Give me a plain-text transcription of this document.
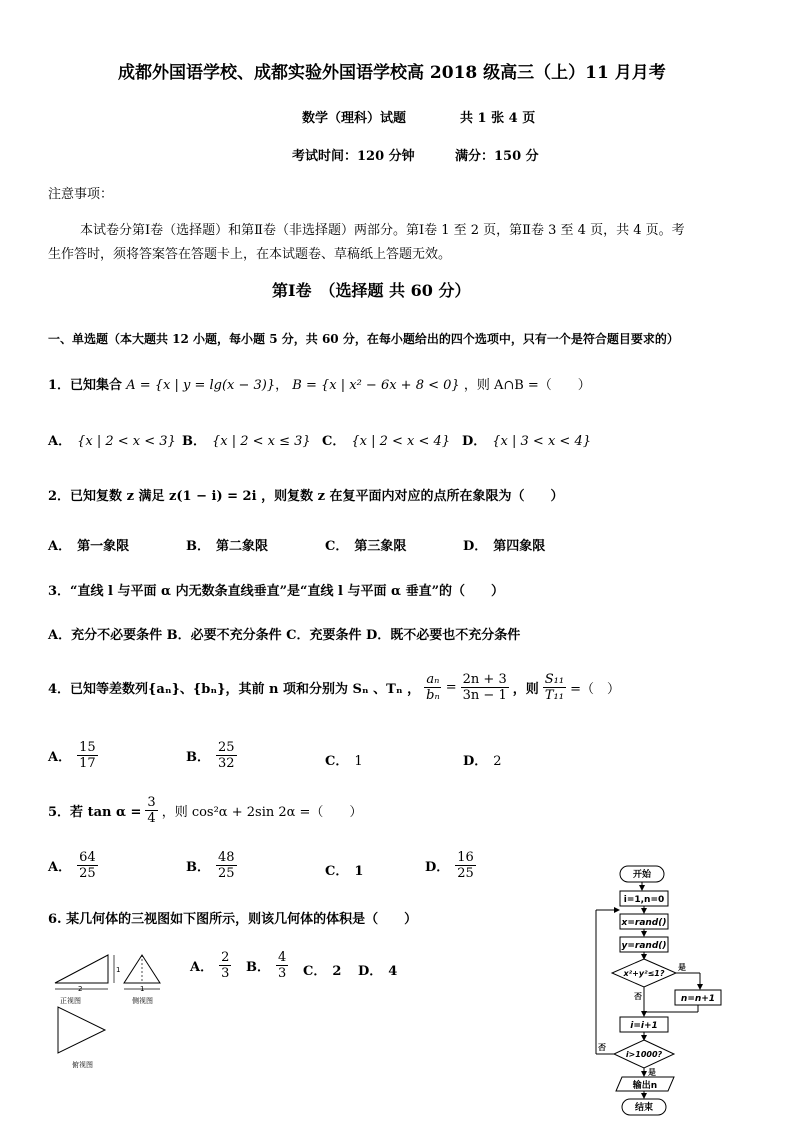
成都外国语学校、成都实验外国语学校高 2018 级高三（上）11 月月考
数学（理科）试题	共 1 张 4 页
考试时间：120 分钟	满分：150 分
注意事项：
本试卷分第Ⅰ卷（选择题）和第Ⅱ卷（非选择题）两部分。第Ⅰ卷 1 至 2 页，第Ⅱ卷 3 至 4 页，共 4 页。考
生作答时，须将答案答在答题卡上，在本试题卷、草稿纸上答题无效。
第Ⅰ卷　（选择题 共 60 分）
一、单选题（本大题共 12 小题，每小题 5 分，共 60 分，在每小题给出的四个选项中，只有一个是符合题目要求的）
1．已知集合 A = {x | y = lg(x − 3)}， B = {x | x² − 6x + 8 < 0} ，则 A∩B =（　　）
A． {x | 2 < x < 3} B． {x | 2 < x ≤ 3} C． {x | 2 < x < 4} D． {x | 3 < x < 4}
2．已知复数 z 满足 z(1 − i) = 2i ，则复数 z 在复平面内对应的点所在象限为（　　）
A． 第一象限	B． 第二象限	C． 第三象限	D． 第四象限
3．“直线 l 与平面 α 内无数条直线垂直”是“直线 l 与平面 α 垂直”的（　　）
A．充分不必要条件 B．必要不充分条件 C．充要条件 D．既不必要也不充分条件
4．已知等差数列{aₙ}、{bₙ}，其前 n 项和分别为 Sₙ 、Tₙ ， $\frac{\text{aₙ}}{\text{bₙ}} = \frac{2n + 3}{3n - 1}$ ，则 $\frac{\text{S₁₁}}{\text{T₁₁}}$ =（　）
A． $\frac{15}{17}$	B． $\frac{25}{32}$	C． 1	D． 2
5．若 $\tan \alpha = \frac{3}{4}$ ，则 cos²α + 2sin 2α =（　　）
A． $\frac{64}{25}$	B． $\frac{48}{25}$	C． 1	D． $\frac{16}{25}$
6. 某几何体的三视图如下图所示，则该几何体的体积是（　　）
A． $\frac{2}{3}$ B． $\frac{4}{3}$ C． 2 D． 4
2
1
正视图
1
侧视图
俯视图
开始
i=1,n=0
x=rand()
y=rand()
x²+y²≤1?
是
n=n+1
否
i=i+1
i>1000?
否
是
输出n
结束
